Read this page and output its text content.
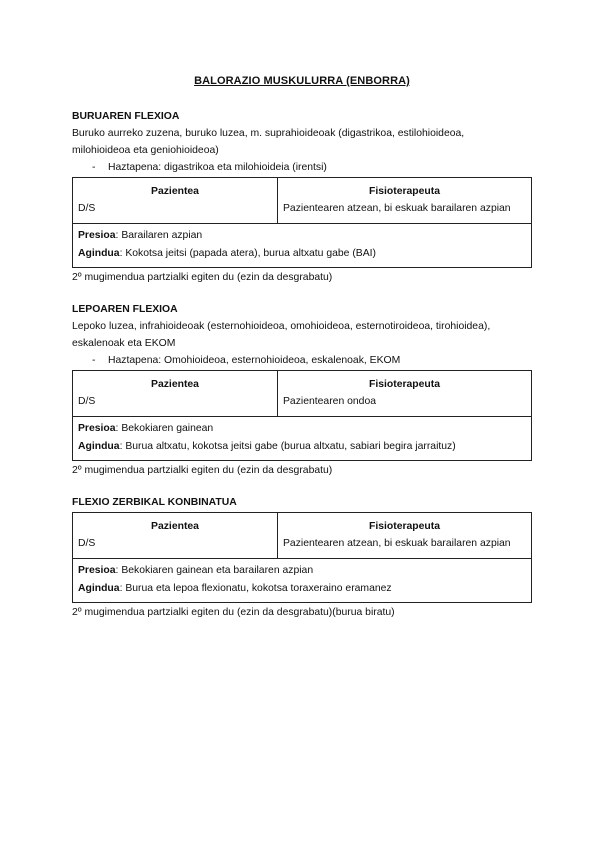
BALORAZIO MUSKULURRA (ENBORRA)
BURUAREN FLEXIOA
Buruko aurreko zuzena, buruko luzea, m. suprahioideoak (digastrikoa, estilohioideoa,
milohioideoa eta geniohioideoa)
- Haztapena: digastrikoa eta milohioideia (irentsi)
Pazientea
D/S
Fisioterapeuta
Pazientearen atzean, bi eskuak barailaren azpian
Presioa: Barailaren azpian
Agindua: Kokotsa jeitsi (papada atera), burua altxatu gabe (BAI)
2º mugimendua partzialki egiten du (ezin da desgrabatu)
LEPOAREN FLEXIOA
Lepoko luzea, infrahioideoak (esternohioideoa, omohioideoa, esternotiroideoa, tirohioidea),
eskalenoak eta EKOM
- Haztapena: Omohioideoa, esternohioideoa, eskalenoak, EKOM
Pazientea
D/S
Fisioterapeuta
Pazientearen ondoa
Presioa: Bekokiaren gainean
Agindua: Burua altxatu, kokotsa jeitsi gabe (burua altxatu, sabiari begira jarraituz)
2º mugimendua partzialki egiten du (ezin da desgrabatu)
FLEXIO ZERBIKAL KONBINATUA
Pazientea
D/S
Fisioterapeuta
Pazientearen atzean, bi eskuak barailaren azpian
Presioa: Bekokiaren gainean eta barailaren azpian
Agindua: Burua eta lepoa flexionatu, kokotsa toraxeraino eramanez
2º mugimendua partzialki egiten du (ezin da desgrabatu)(burua biratu)
